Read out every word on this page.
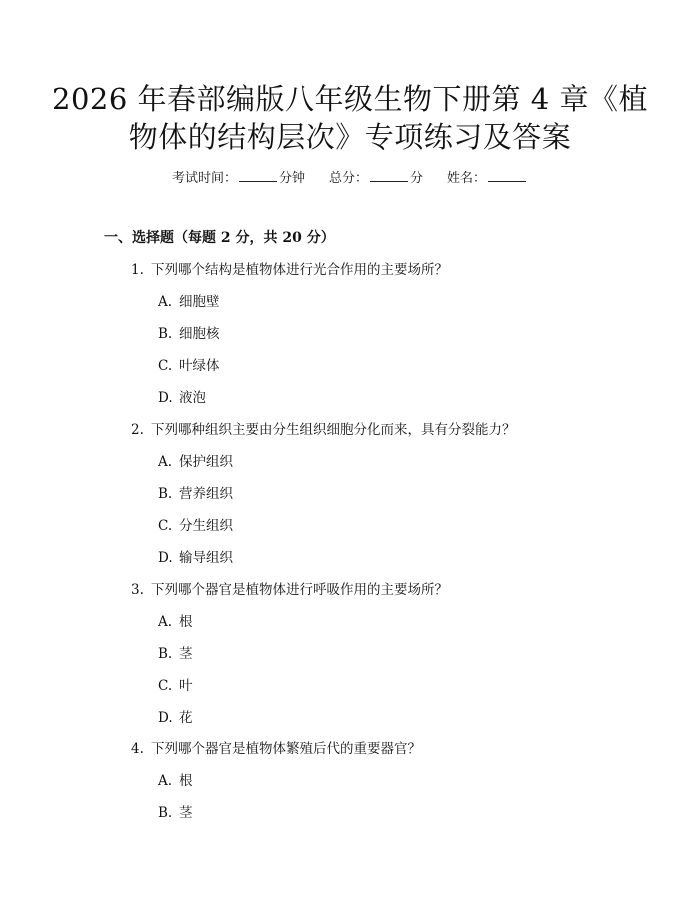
2026 年春部编版八年级生物下册第 4 章《植
物体的结构层次》专项练习及答案
考试时间：	分钟 总分：	分 姓名：
一、选择题（每题 2 分，共 20 分）
1. 下列哪个结构是植物体进行光合作用的主要场所？
A. 细胞壁
B. 细胞核
C. 叶绿体
D. 液泡
2. 下列哪种组织主要由分生组织细胞分化而来，具有分裂能力？
A. 保护组织
B. 营养组织
C. 分生组织
D. 输导组织
3. 下列哪个器官是植物体进行呼吸作用的主要场所？
A. 根
B. 茎
C. 叶
D. 花
4. 下列哪个器官是植物体繁殖后代的重要器官？
A. 根
B. 茎
